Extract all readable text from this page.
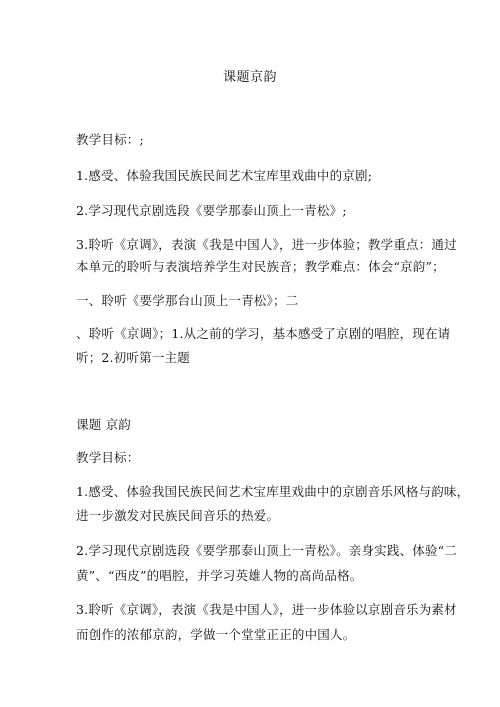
课题京韵
教学目标：;
1.感受、体验我国民族民间艺术宝库里戏曲中的京剧;
2.学习现代京剧选段《要学那泰山顶上一青松》;
3.聆听《京调》，表演《我是中国人》，进一步体验；教学重点：通过
本单元的聆听与表演培养学生对民族音；教学难点：体会“京韵”；
一、聆听《要学那台山顶上一青松》；二
、聆听《京调》；1.从之前的学习，基本感受了京剧的唱腔，现在请
听；2.初听第一主题
课题 京韵
教学目标：
1.感受、体验我国民族民间艺术宝库里戏曲中的京剧音乐风格与韵味，
进一步激发对民族民间音乐的热爱。
2.学习现代京剧选段《要学那泰山顶上一青松》。亲身实践、体验“二
黄”、“西皮”的唱腔，并学习英雄人物的高尚品格。
3.聆听《京调》，表演《我是中国人》，进一步体验以京剧音乐为素材
而创作的浓郁京韵，学做一个堂堂正正的中国人。
